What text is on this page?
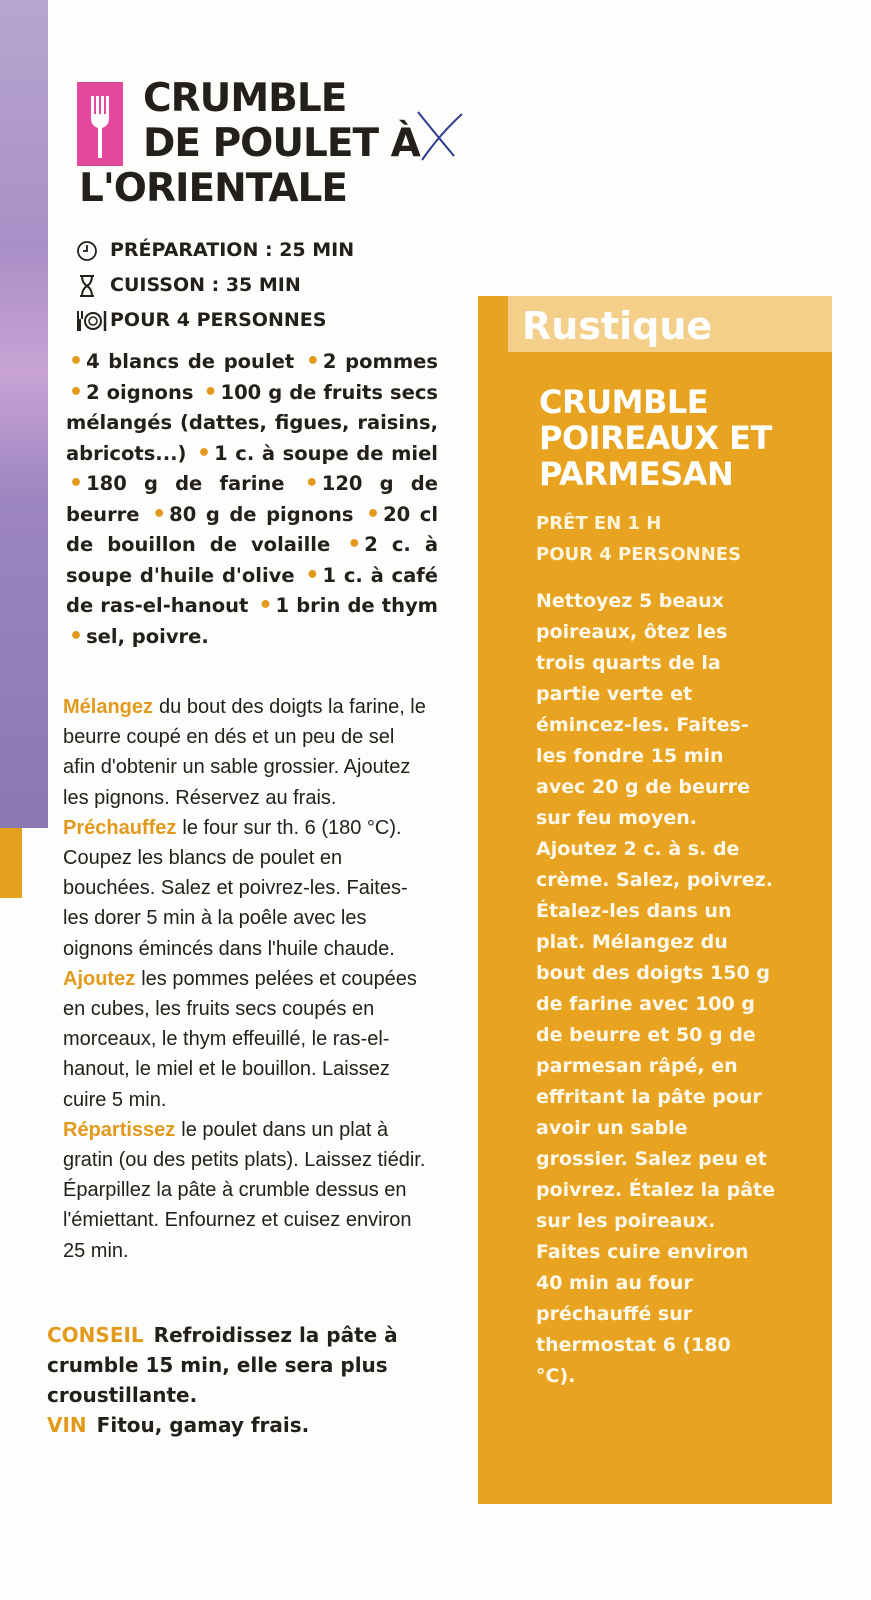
CRUMBLE
DE POULET À
L'ORIENTALE
PRÉPARATION : 25 MIN
CUISSON : 35 MIN
POUR 4 PERSONNES
• 4 blancs de poulet • 2 pommes • 2 oignons • 100 g de fruits secs mélangés (dattes, figues, raisins, abricots...) • 1 c. à soupe de miel • 180 g de farine • 120 g de beurre • 80 g de pignons • 20 cl de bouillon de volaille • 2 c. à soupe d'huile d'olive • 1 c. à café de ras-el-hanout • 1 brin de thym • sel, poivre.

Mélangez du bout des doigts la farine, le beurre coupé en dés et un peu de sel afin d'obtenir un sable grossier. Ajoutez les pignons. Réservez au frais.

Préchauffez le four sur th. 6 (180 °C). Coupez les blancs de poulet en bouchées. Salez et poivrez-les. Faites-les dorer 5 min à la poêle avec les oignons émincés dans l'huile chaude.

Ajoutez les pommes pelées et coupées en cubes, les fruits secs coupés en morceaux, le thym effeuillé, le ras-el-hanout, le miel et le bouillon. Laissez cuire 5 min.

Répartissez le poulet dans un plat à gratin (ou des petits plats). Laissez tiédir. Éparpillez la pâte à crumble dessus en l'émiettant. Enfournez et cuisez environ 25 min.

CONSEIL Refroidissez la pâte à crumble 15 min, elle sera plus croustillante.
VIN Fitou, gamay frais.
Rustique
CRUMBLE POIREAUX ET PARMESAN
PRÊT EN 1 H
POUR 4 PERSONNES
Nettoyez 5 beaux poireaux, ôtez les trois quarts de la partie verte et émincez-les. Faites-les fondre 15 min avec 20 g de beurre sur feu moyen. Ajoutez 2 c. à s. de crème. Salez, poivrez. Étalez-les dans un plat. Mélangez du bout des doigts 150 g de farine avec 100 g de beurre et 50 g de parmesan râpé, en effritant la pâte pour avoir un sable grossier. Salez peu et poivrez. Étalez la pâte sur les poireaux. Faites cuire environ 40 min au four préchauffé sur thermostat 6 (180 °C).
